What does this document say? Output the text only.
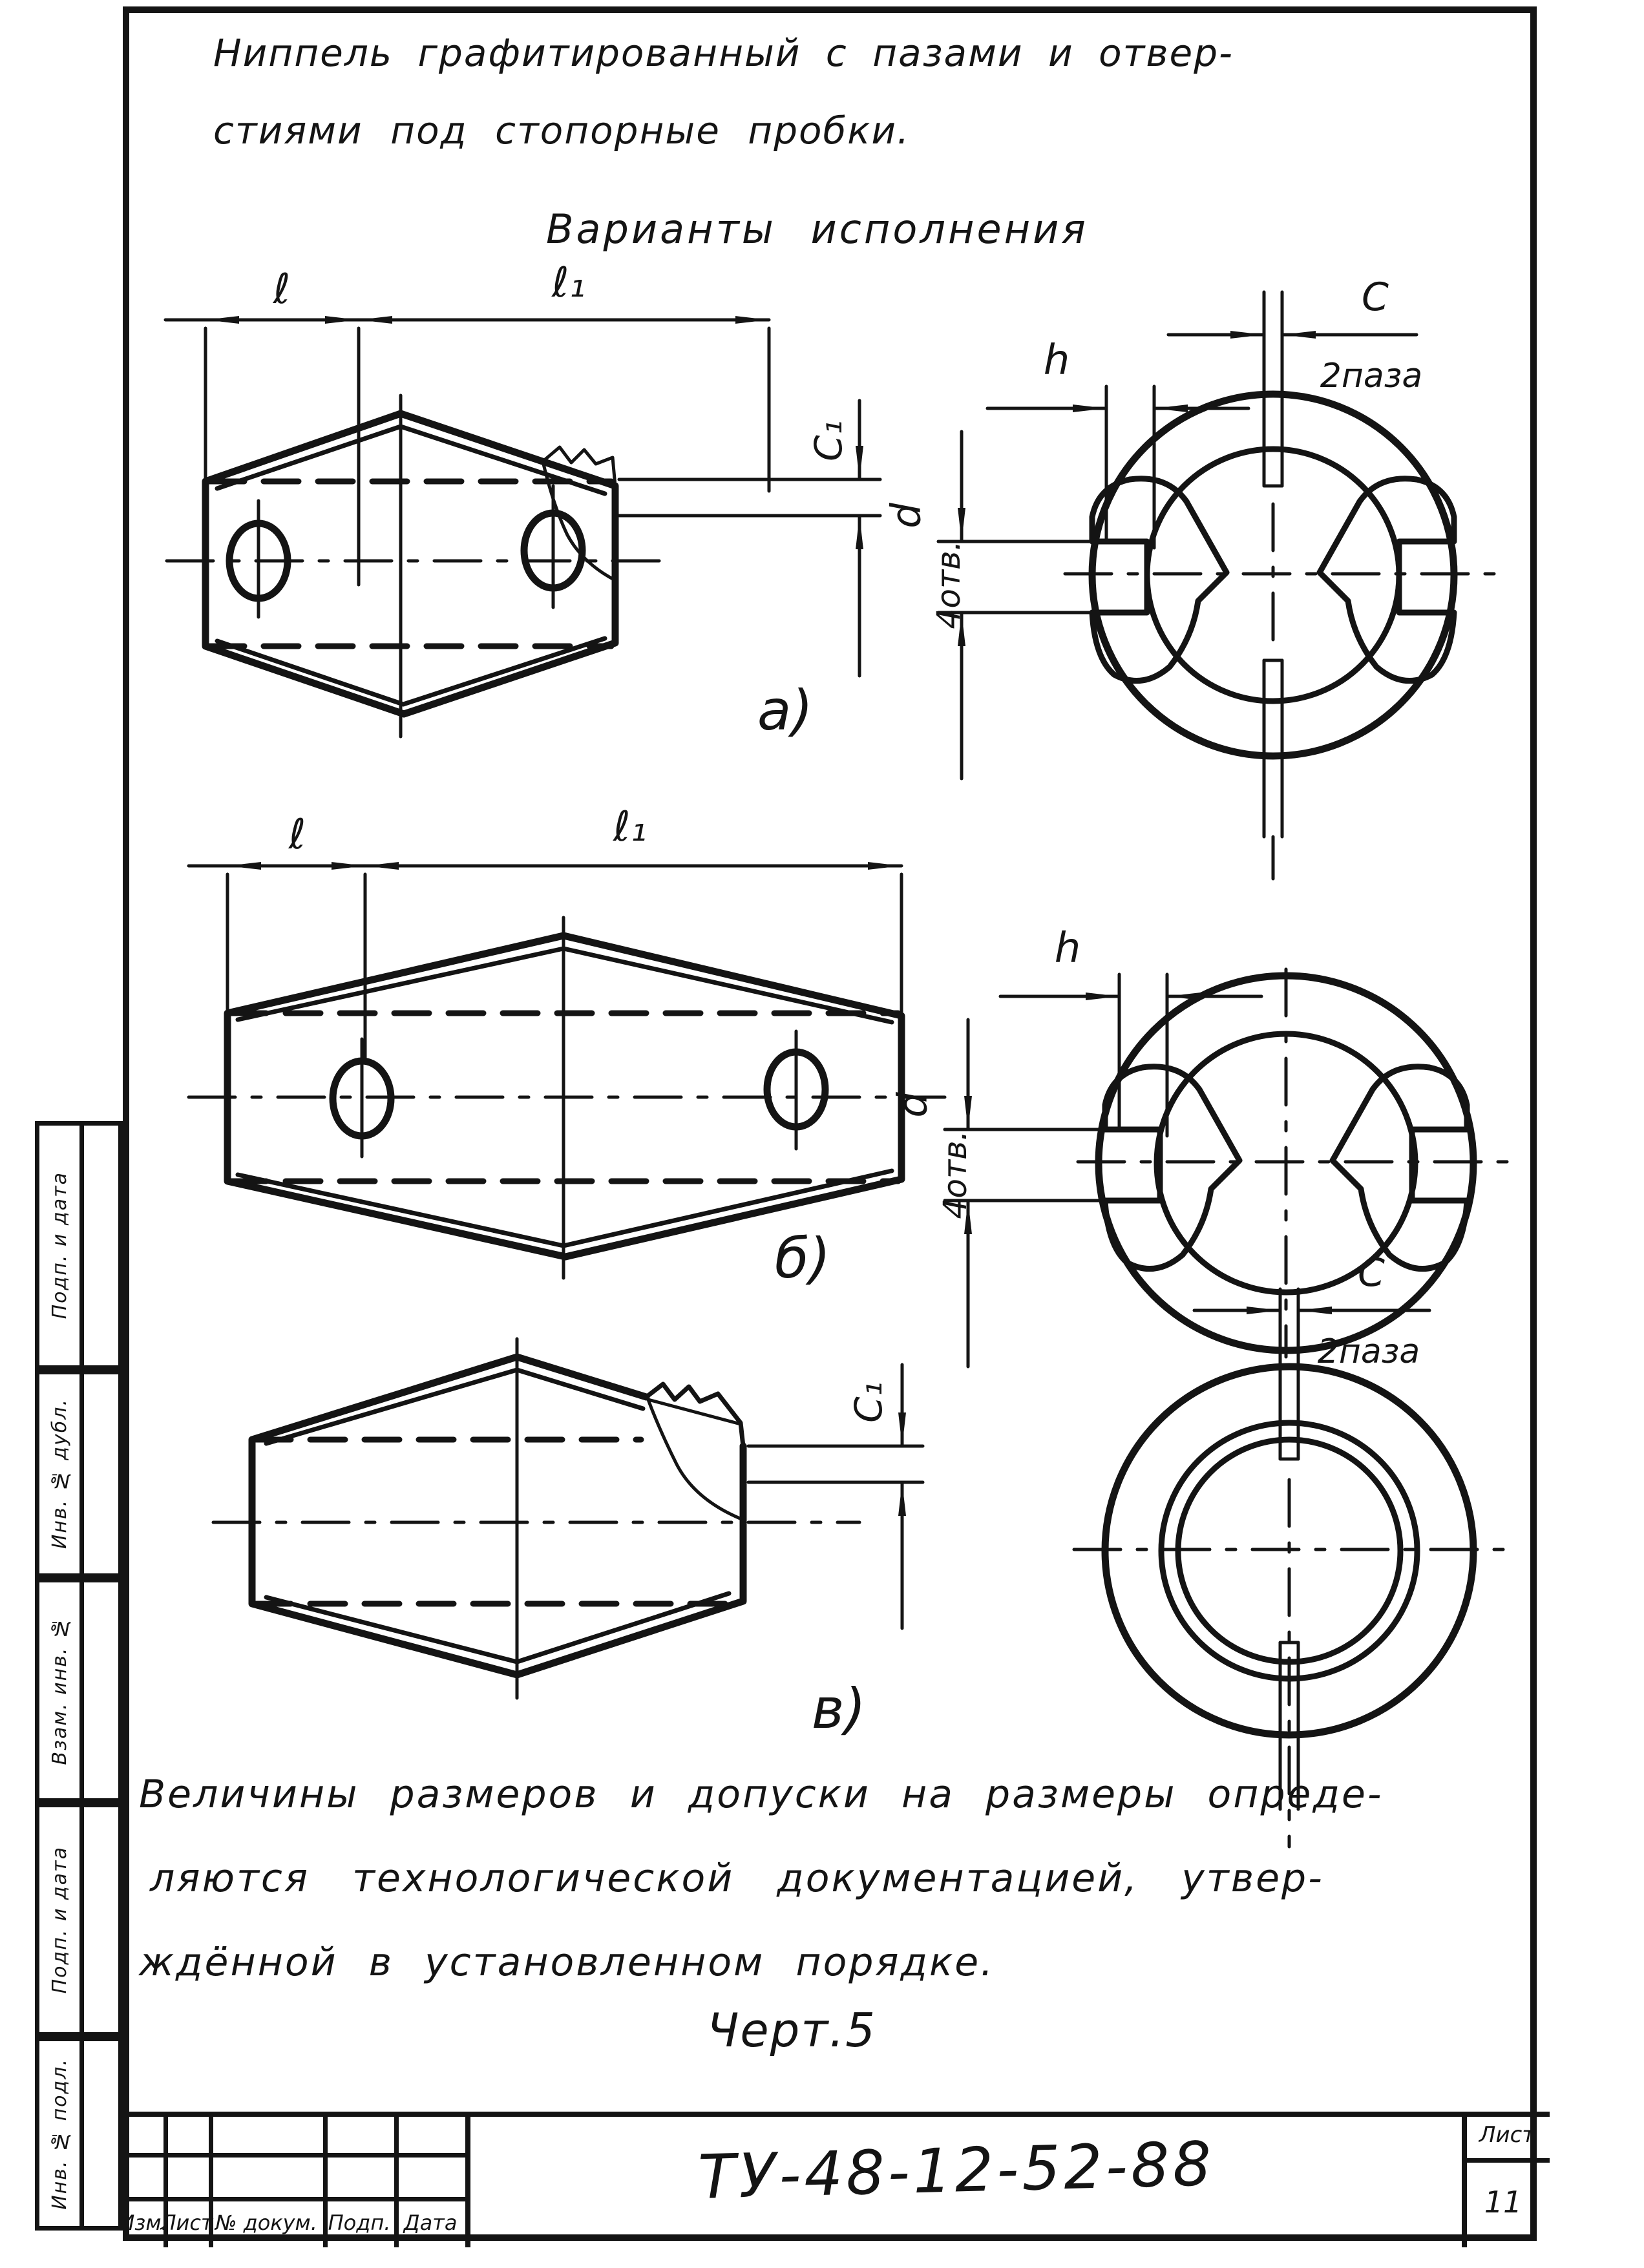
Ниппель графитированный с пазами и отвер-
стиями под стопорные пробки.
Варианты исполнения
ℓ	ℓ₁
C₁
h
C
2паза
d
4отв.
а)
ℓ	ℓ₁
h
d
4отв.
б)
C₁
C
2паза
в)
Величины размеров и допуски на размеры опреде-
ляются технологической документацией, утвер-
ждённой в установленном порядке.
Черт.5
Изм.
Лист № докум. Подп. Дата
ТУ-48-12-52-88	Лист
11
Подп. и дата
Инв. № дубл.
Взам. инв. №
Подп. и дата
Инв. № подл.
